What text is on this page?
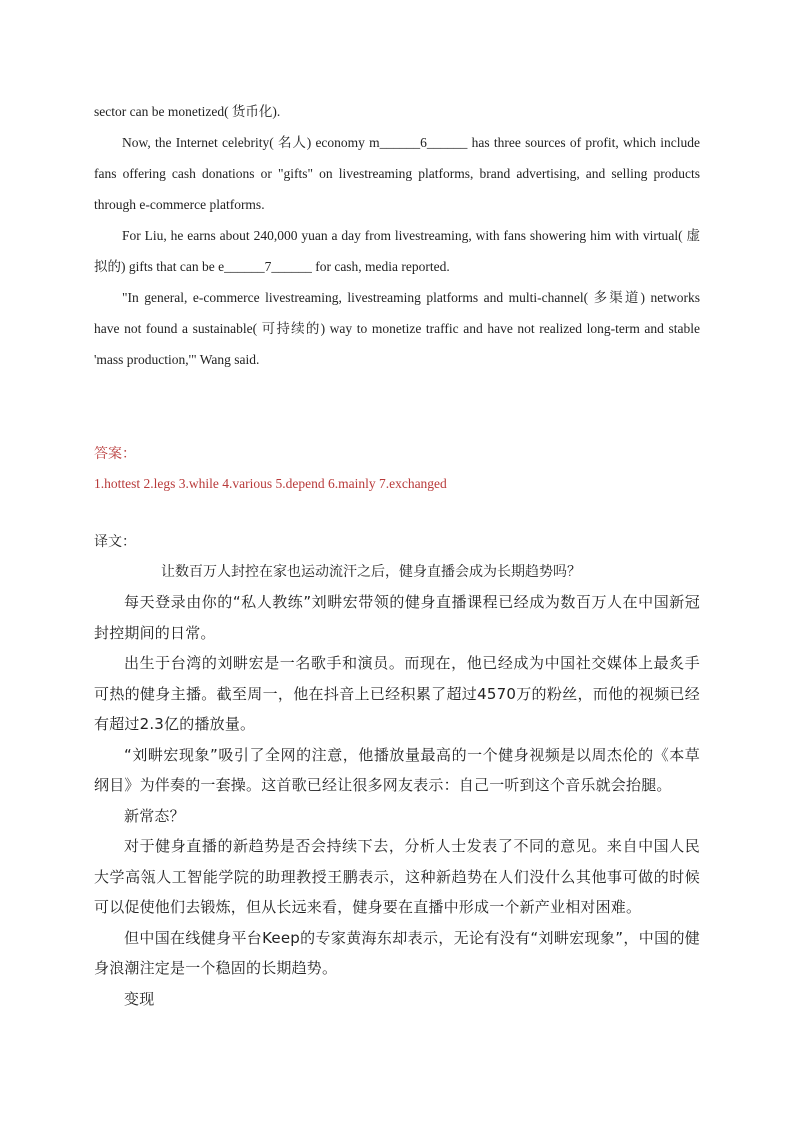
sector can be monetized( 货币化).

Now, the Internet celebrity( 名人) economy m______6______ has three sources of profit, which include fans offering cash donations or "gifts" on livestreaming platforms, brand advertising, and selling products through e-commerce platforms.

For Liu, he earns about 240,000 yuan a day from livestreaming, with fans showering him with virtual( 虚拟的) gifts that can be e______7______ for cash, media reported.

"In general, e-commerce livestreaming, livestreaming platforms and multi-channel( 多渠道) networks have not found a sustainable( 可持续的) way to monetize traffic and have not realized long-term and stable 'mass production,'" Wang said.

答案：

1.hottest 2.legs 3.while 4.various 5.depend 6.mainly 7.exchanged

译文：

让数百万人封控在家也运动流汗之后，健身直播会成为长期趋势吗？

每天登录由你的“私人教练”刘畊宏带领的健身直播课程已经成为数百万人在中国新冠封控期间的日常。

出生于台湾的刘畊宏是一名歌手和演员。而现在，他已经成为中国社交媒体上最炙手可热的健身主播。截至周一，他在抖音上已经积累了超过4570万的粉丝，而他的视频已经有超过2.3亿的播放量。

“刘畊宏现象”吸引了全网的注意，他播放量最高的一个健身视频是以周杰伦的《本草纲目》为伴奏的一套操。这首歌已经让很多网友表示：自己一听到这个音乐就会抬腿。

新常态？

对于健身直播的新趋势是否会持续下去，分析人士发表了不同的意见。来自中国人民大学高瓴人工智能学院的助理教授王鹏表示，这种新趋势在人们没什么其他事可做的时候可以促使他们去锻炼，但从长远来看，健身要在直播中形成一个新产业相对困难。

但中国在线健身平台Keep的专家黄海东却表示，无论有没有“刘畊宏现象”，中国的健身浪潮注定是一个稳固的长期趋势。

变现
